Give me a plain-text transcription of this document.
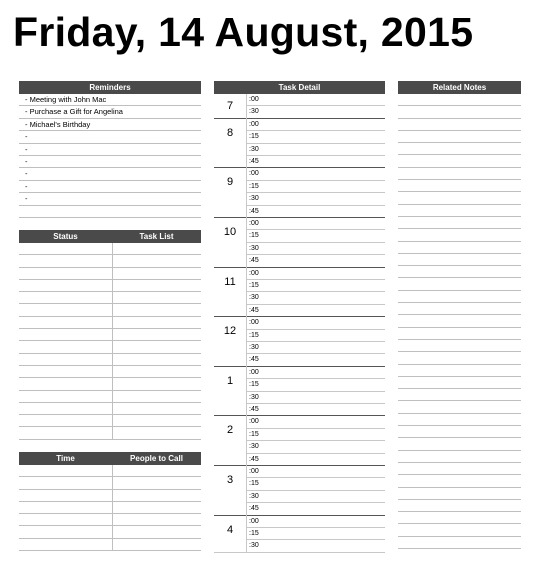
Friday, 14 August, 2015
Reminders
- Meeting with John Mac
- Purchase a Gift for Angelina
- Michael's Birthday
-
-
-
-
-
-
Status	Task List
Time	People to Call
Task Detail
7
:00
:30
8
:00
:15
:30
:45
9
:00
:15
:30
:45
10
:00
:15
:30
:45
11
:00
:15
:30
:45
12
:00
:15
:30
:45
1
:00
:15
:30
:45
2
:00
:15
:30
:45
3
:00
:15
:30
:45
4
:00
:15
:30
Related Notes
